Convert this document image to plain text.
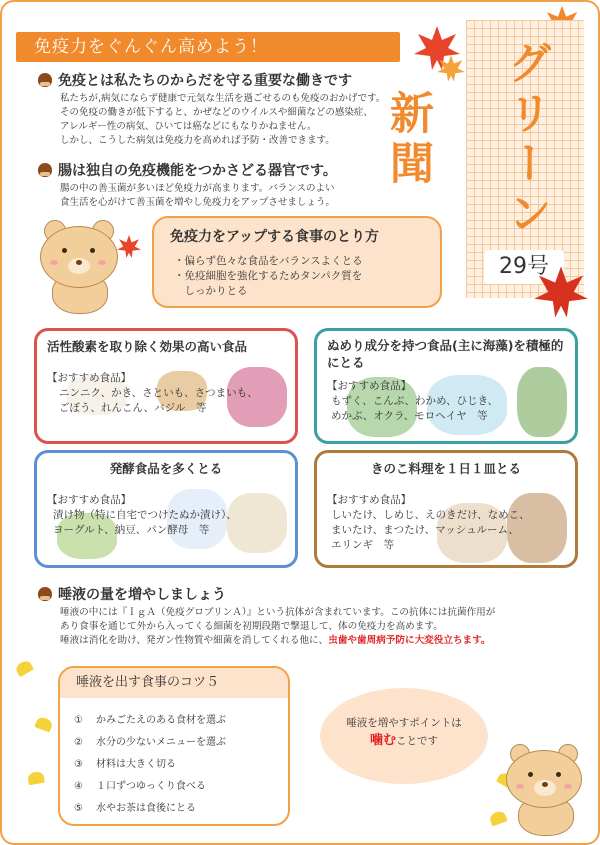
免疫力をぐんぐん高めよう！	グリーン新聞
29号
免疫とは私たちのからだを守る重要な働きです
私たちが,病気にならず健康で元気な生活を過ごせるのも免疫のおかげです。
その免疫の働きが低下すると、かぜなどのウイルスや細菌などの感染症、
アレルギー性の病気、ひいては癌などにもなりかねません。
しかし、こうした病気は免疫力を高めれば予防・改善できます。
腸は独自の免疫機能をつかさどる器官です。
腸の中の善玉菌が多いほど免疫力が高まります。バランスのよい
食生活を心がけて善玉菌を増やし免疫力をアップさせましょう。
免疫力をアップする食事のとり方
・偏らず色々な食品をバランスよくとる
・免疫細胞を強化するためタンパク質を
　しっかりとる
活性酸素を取り除く効果の高い食品
【おすすめ食品】
ニンニク、かき、さといも、さつまいも、
ごぼう、れんこん、バジル　等
ぬめり成分を持つ食品(主に海藻)を積極的にとる
【おすすめ食品】
もずく、こんぶ、わかめ、ひじき、
めかぶ、オクラ、モロヘイヤ　等
発酵食品を多くとる
【おすすめ食品】
漬け物（特に自宅でつけたぬか漬け）、
ヨーグルト、納豆、パン酵母　等
きのこ料理を１日１皿とる
【おすすめ食品】
しいたけ、しめじ、えのきだけ、なめこ、
まいたけ、まつたけ、マッシュルーム、
エリンギ　等
唾液の量を増やしましょう
唾液の中には『ＩｇＡ（免疫グロブリンＡ）』という抗体が含まれています。この抗体には抗菌作用が
あり食事を通じて外から入ってくる細菌を初期段階で撃退して、体の免疫力を高めます。
唾液は消化を助け、発ガン性物質や細菌を消してくれる他に、虫歯や歯周病予防に大変役立ちます。
唾液を出す食事のコツ５
① かみごたえのある食材を選ぶ
② 水分の少ないメニューを選ぶ
③ 材料は大きく切る
④ １口ずつゆっくり食べる
⑤ 水やお茶は食後にとる
唾液を増やすポイントは
噛むことです
